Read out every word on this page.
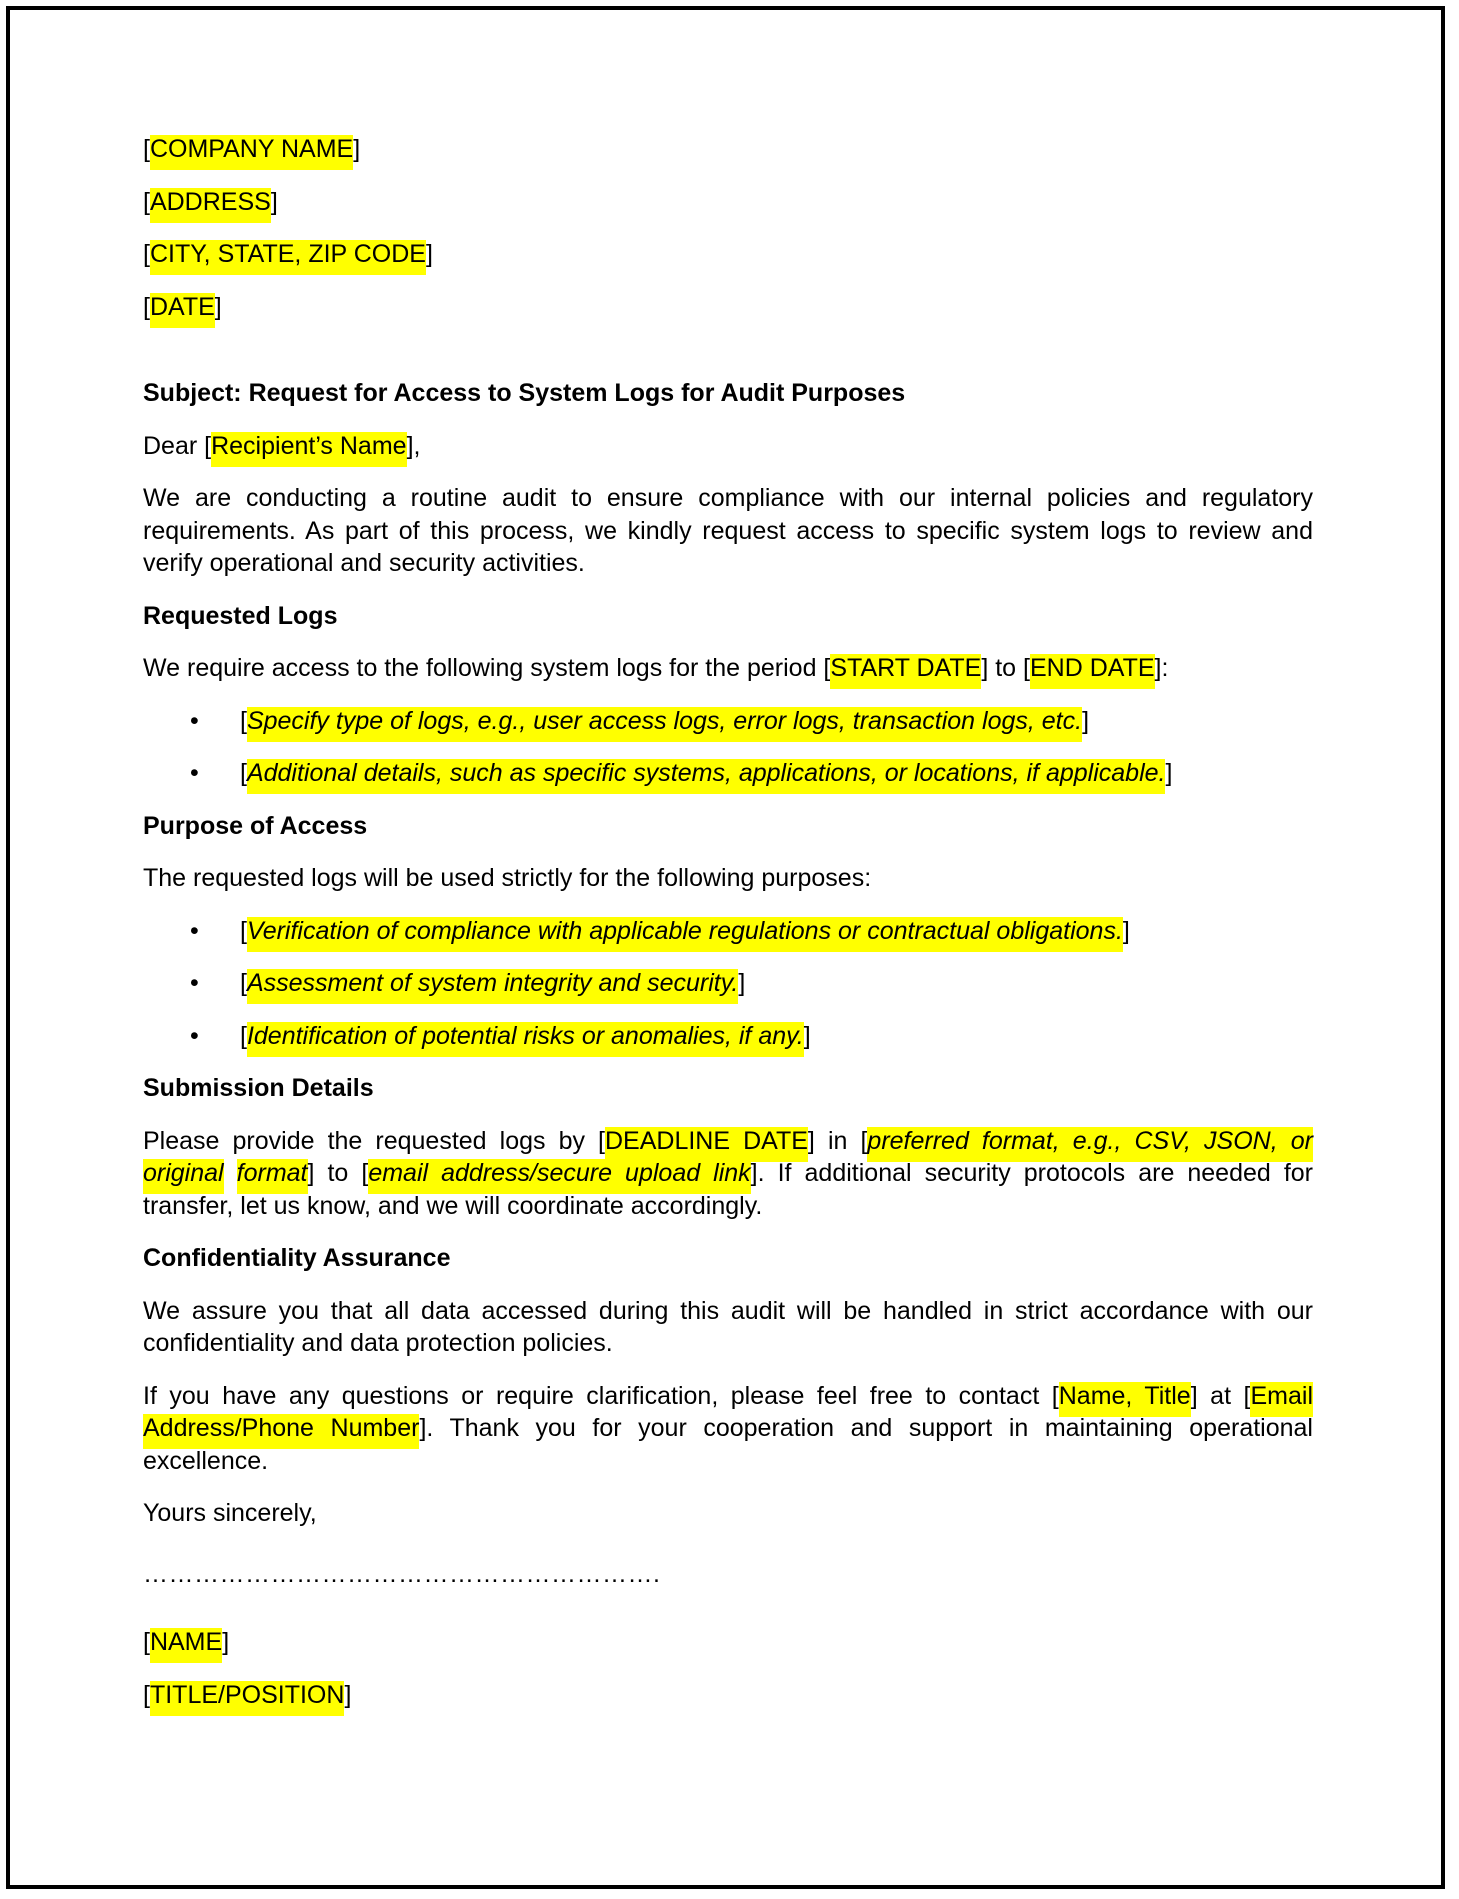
[COMPANY NAME]
[ADDRESS]
[CITY, STATE, ZIP CODE]
[DATE]
Subject: Request for Access to System Logs for Audit Purposes
Dear [Recipient’s Name],

We are conducting a routine audit to ensure compliance with our internal policies and regulatory requirements. As part of this process, we kindly request access to specific system logs to review and verify operational and security activities.

Requested Logs
We require access to the following system logs for the period [START DATE] to [END DATE]:
• [Specify type of logs, e.g., user access logs, error logs, transaction logs, etc.]
• [Additional details, such as specific systems, applications, or locations, if applicable.]
Purpose of Access
The requested logs will be used strictly for the following purposes:
• [Verification of compliance with applicable regulations or contractual obligations.]
• [Assessment of system integrity and security.]
• [Identification of potential risks or anomalies, if any.]
Submission Details

Please provide the requested logs by [DEADLINE DATE] in [preferred format, e.g., CSV, JSON, or original format] to [email address/secure upload link]. If additional security protocols are needed for transfer, let us know, and we will coordinate accordingly.

Confidentiality Assurance

We assure you that all data accessed during this audit will be handled in strict accordance with our confidentiality and data protection policies.

If you have any questions or require clarification, please feel free to contact [Name, Title] at [Email Address/Phone Number]. Thank you for your cooperation and support in maintaining operational excellence.

Yours sincerely,
…………………………………………………….
[NAME]
[TITLE/POSITION]
